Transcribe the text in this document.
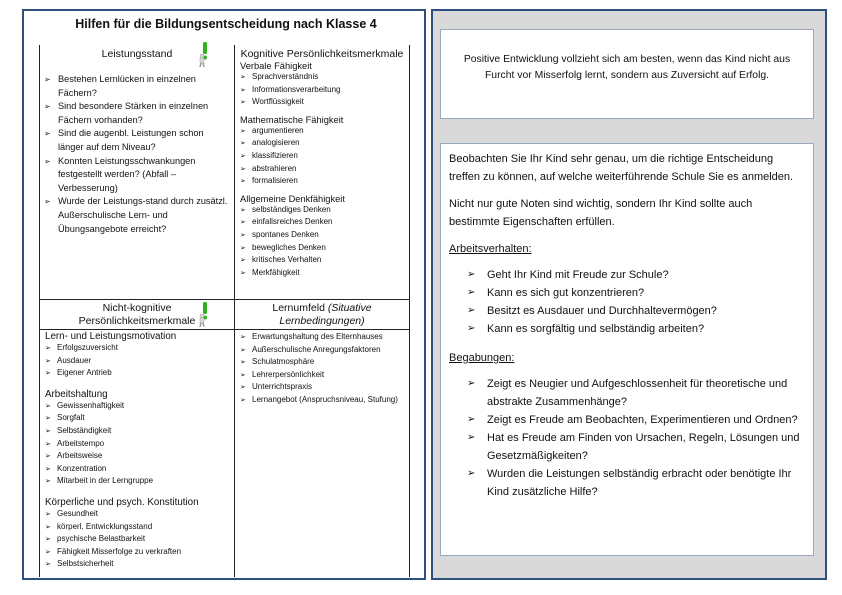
Hilfen für die Bildungsentscheidung nach Klasse 4
Leistungsstand
➢ Bestehen Lernlücken in einzelnen Fächern?
➢ Sind besondere Stärken in einzelnen Fächern vorhanden?
➢ Sind die augenbl. Leistungen schon länger auf dem Niveau?
➢ Konnten Leistungsschwankungen festgestellt werden? (Abfall – Verbesserung)
➢ Wurde der Leistungs-stand durch zusätzl. Außerschulische Lern- und Übungsangebote erreicht?
Kognitive Persönlichkeitsmerkmale
Verbale Fähigkeit
➢ Sprachverständnis
➢ Informationsverarbeitung
➢ Wortflüssigkeit
Mathematische Fähigkeit
➢ argumentieren
➢ analogisieren
➢ klassifizieren
➢ abstrahieren
➢ formalisieren
Allgemeine Denkfähigkeit
➢ selbständiges Denken
➢ einfallsreiches Denken
➢ spontanes Denken
➢ bewegliches Denken
➢ kritisches Verhalten
➢ Merkfähigkeit
Nicht-kognitive
Persönlichkeitsmerkmale
Lern- und Leistungsmotivation
➢ Erfolgszuversicht
➢ Ausdauer
➢ Eigener Antrieb
Arbeitshaltung
➢ Gewissenhaftigkeit
➢ Sorgfalt
➢ Selbständigkeit
➢ Arbeitstempo
➢ Arbeitsweise
➢ Konzentration
➢ Mitarbeit in der Lerngruppe
Körperliche und psych. Konstitution
➢ Gesundheit
➢ körperl. Entwicklungsstand
➢ psychische Belastbarkeit
➢ Fähigkeit Misserfolge zu verkraften
➢ Selbstsicherheit
Lernumfeld (Situative Lernbedingungen)
➢ Erwartungshaltung des Elternhauses
➢ Außerschulische Anregungsfaktoren
➢ Schulatmosphäre
➢ Lehrerpersönlichkeit
➢ Unterrichtspraxis
➢ Lernangebot (Anspruchsniveau, Stufung)
Positive Entwicklung vollzieht sich am besten, wenn das Kind nicht aus Furcht vor Misserfolg lernt, sondern aus Zuversicht auf Erfolg.

Beobachten Sie Ihr Kind sehr genau, um die richtige Entscheidung treffen zu können, auf welche weiterführende Schule Sie es anmelden.

Nicht nur gute Noten sind wichtig, sondern Ihr Kind sollte auch bestimmte Eigenschaften erfüllen.

Arbeitsverhalten:

➢ Geht Ihr Kind mit Freude zur Schule?
➢ Kann es sich gut konzentrieren?
➢ Besitzt es Ausdauer und Durchhaltevermögen?
➢ Kann es sorgfältig und selbständig arbeiten?

Begabungen:

➢ Zeigt es Neugier und Aufgeschlossenheit für theoretische und abstrakte Zusammenhänge?
➢ Zeigt es Freude am Beobachten, Experimentieren und Ordnen?
➢ Hat es Freude am Finden von Ursachen, Regeln, Lösungen und Gesetzmäßigkeiten?
➢ Wurden die Leistungen selbständig erbracht oder benötigte Ihr Kind zusätzliche Hilfe?
